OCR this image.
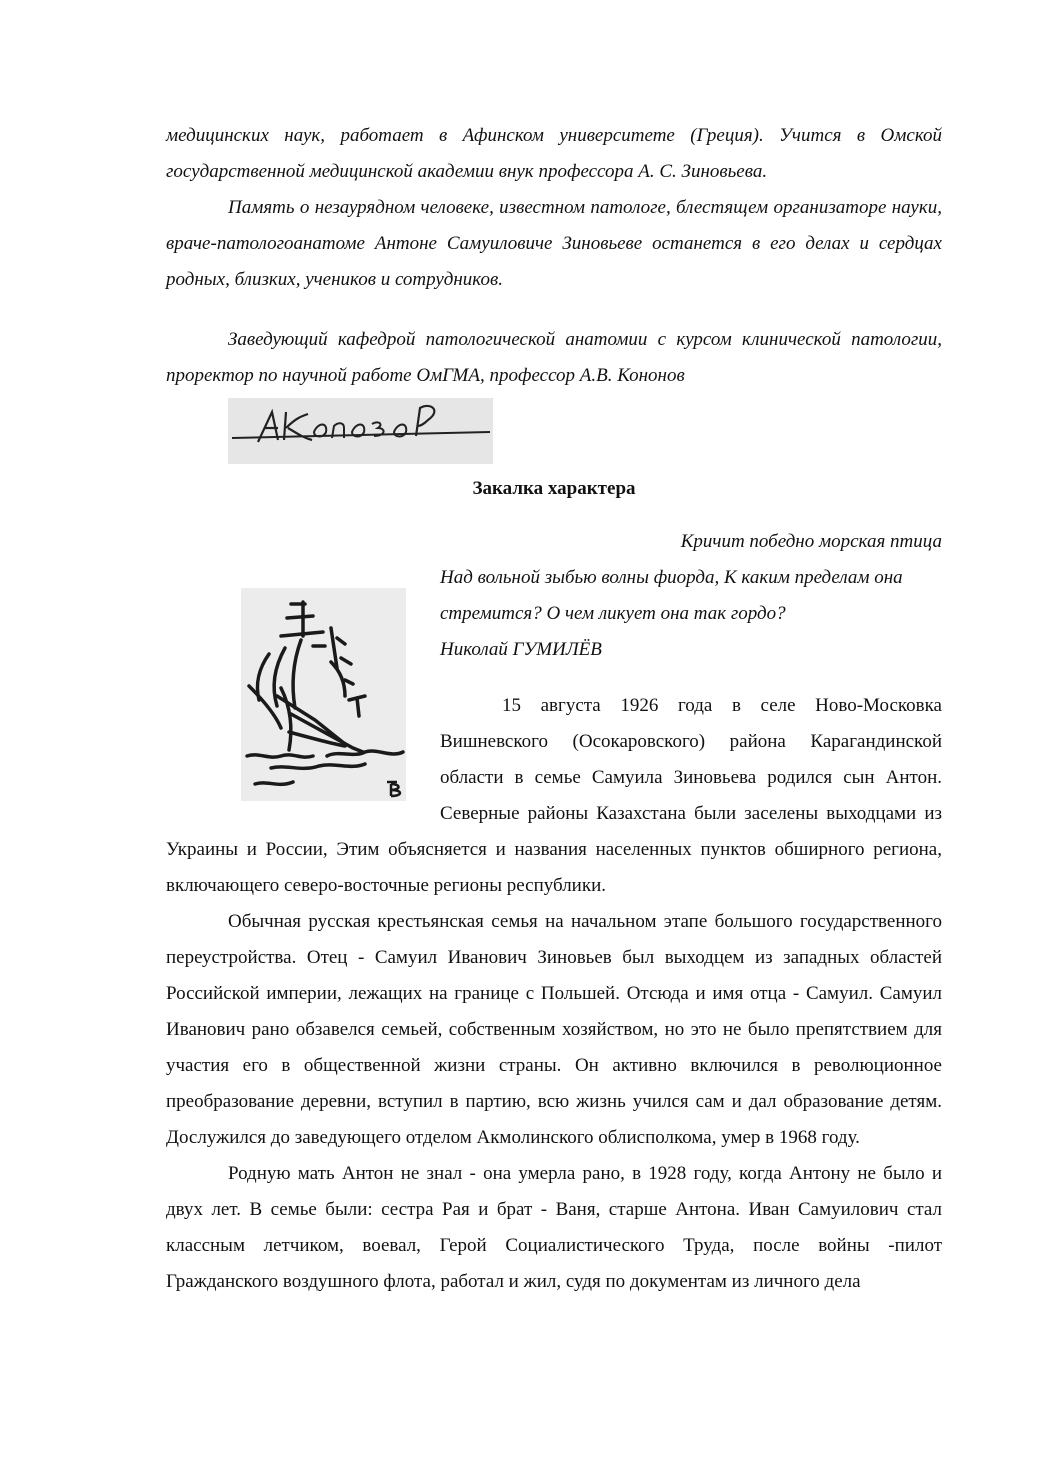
медицинских наук, работает в Афинском университете (Греция). Учится в Омской государственной медицинской академии внук профессора А. С. Зиновьева.

Память о незаурядном человеке, известном патологе, блестящем организаторе науки, враче-патологоанатоме Антоне Самуиловиче Зиновьеве останется в его делах и сердцах родных, близких, учеников и сотрудников.

Заведующий кафедрой патологической анатомии с курсом клинической патологии, проректор по научной работе ОмГМА, профессор А.В. Кононов

Закалка характера

Кричит победно морская птица

Над вольной зыбью волны фиорда, К каким пределам она стремится? О чем ликует она так гордо?

Николай ГУМИЛЁВ

15 августа 1926 года в селе Ново-Московка Вишневского (Осокаровского) района Карагандинской области в семье Самуила Зиновьева родился сын Антон. Северные районы Казахстана были заселены выходцами из Украины и России, Этим объясняется и названия населенных пунктов обширного региона, включающего северо-восточные регионы республики.

Обычная русская крестьянская семья на начальном этапе большого государственного переустройства. Отец - Самуил Иванович Зиновьев был выходцем из западных областей Российской империи, лежащих на границе с Польшей. Отсюда и имя отца - Самуил. Самуил Иванович рано обзавелся семьей, собственным хозяйством, но это не было препятствием для участия его в общественной жизни страны. Он активно включился в революционное преобразование деревни, вступил в партию, всю жизнь учился сам и дал образование детям. Дослужился до заведующего отделом Акмолинского облисполкома, умер в 1968 году.

Родную мать Антон не знал - она умерла рано, в 1928 году, когда Антону не было и двух лет. В семье были: сестра Рая и брат - Ваня, старше Антона. Иван Самуилович стал классным летчиком, воевал, Герой Социалистического Труда, после войны -пилот Гражданского воздушного флота, работал и жил, судя по документам из личного дела
